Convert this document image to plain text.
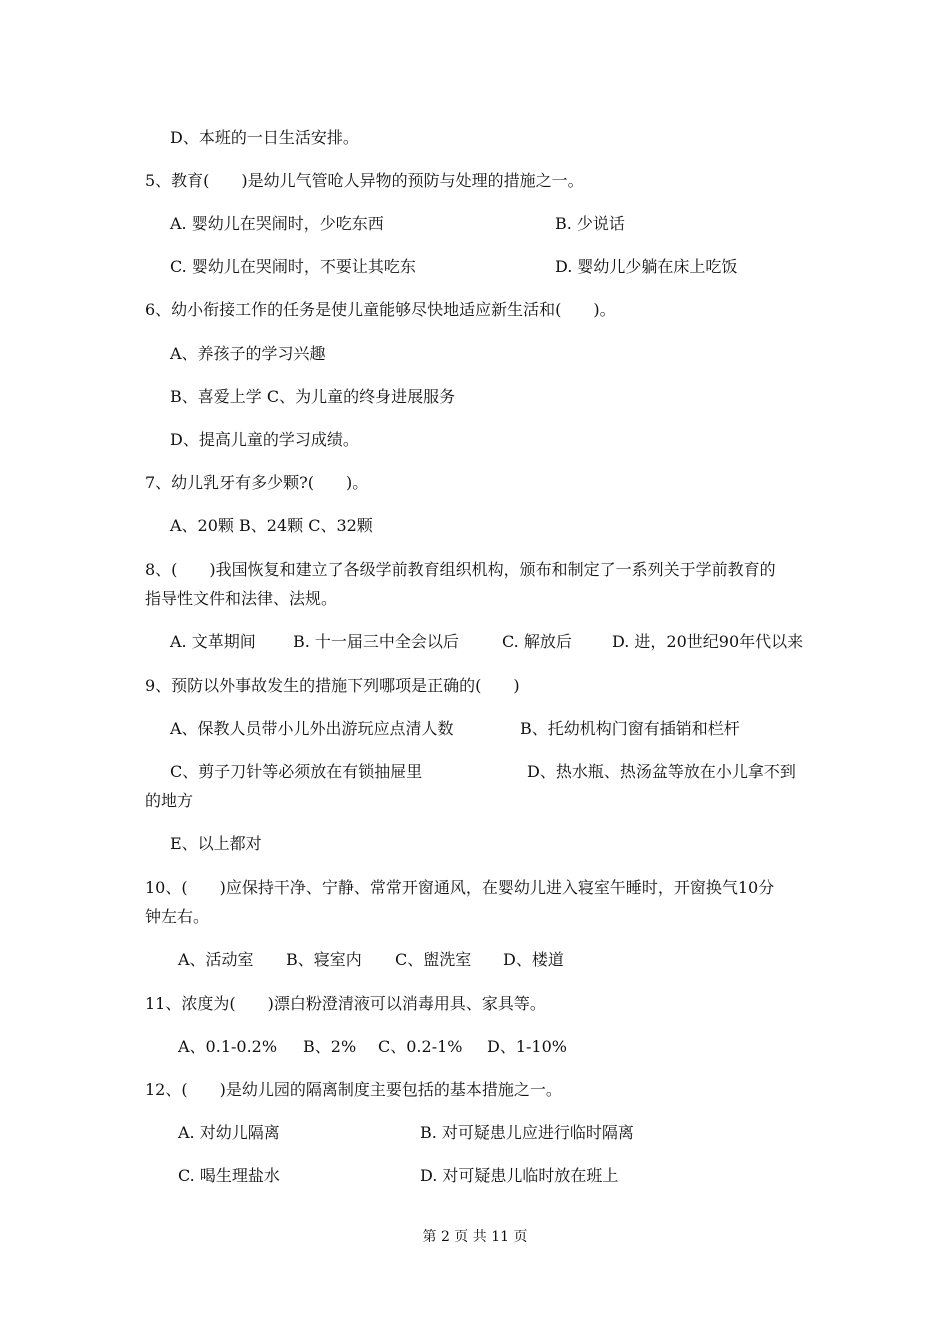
D、本班的一日生活安排。
5、教育(　　)是幼儿气管呛人异物的预防与处理的措施之一。
A. 婴幼儿在哭闹时，少吃东西	B. 少说话
C. 婴幼儿在哭闹时，不要让其吃东	D. 婴幼儿少躺在床上吃饭
6、幼小衔接工作的任务是使儿童能够尽快地适应新生活和(　　)。
A、养孩子的学习兴趣
B、喜爱上学 C、为儿童的终身进展服务
D、提高儿童的学习成绩。
7、幼儿乳牙有多少颗?(　　)。
A、20颗 B、24颗 C、32颗
8、(　　)我国恢复和建立了各级学前教育组织机构，颁布和制定了一系列关于学前教育的
指导性文件和法律、法规。
A. 文革期间 B. 十一届三中全会以后	C. 解放后	D. 进，20世纪90年代以来
9、预防以外事故发生的措施下列哪项是正确的(　　)
A、保教人员带小儿外出游玩应点清人数	B、托幼机构门窗有插销和栏杆
C、剪子刀针等必须放在有锁抽屉里	D、热水瓶、热汤盆等放在小儿拿不到
的地方
E、以上都对
10、(　　)应保持干净、宁静、常常开窗通风，在婴幼儿进入寝室午睡时，开窗换气10分
钟左右。
A、活动室 B、寝室内 C、盥洗室 D、楼道
11、浓度为(　　)漂白粉澄清液可以消毒用具、家具等。
A、0.1-0.2% B、2% C、0.2-1% D、1-10%
12、(　　)是幼儿园的隔离制度主要包括的基本措施之一。
A. 对幼儿隔离	B. 对可疑患儿应进行临时隔离
C. 喝生理盐水	D. 对可疑患儿临时放在班上
第 2 页 共 11 页
